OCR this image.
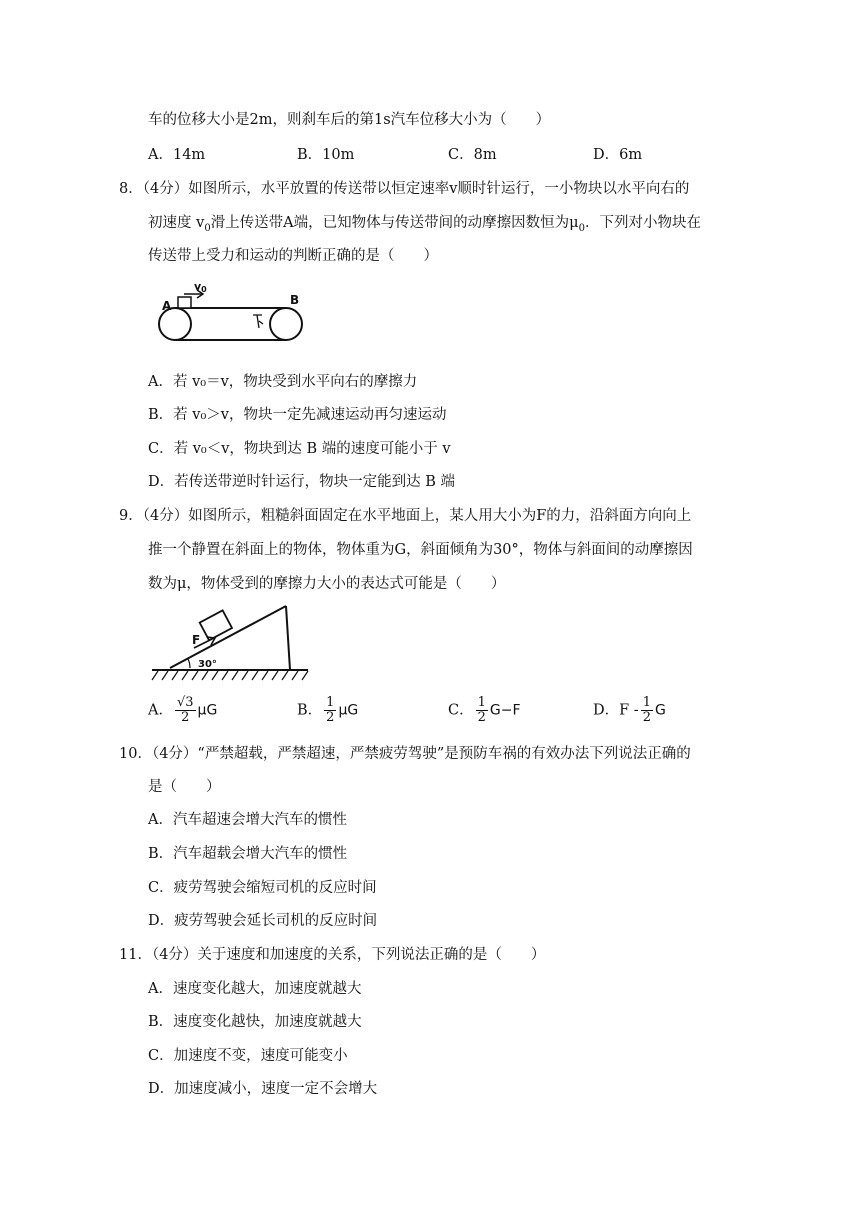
车的位移大小是2m，则刹车后的第1s汽车位移大小为（　　）
A．14m	B．10m	C．8m	D．6m
8．（4分）如图所示，水平放置的传送带以恒定速率v顺时针运行，一小物块以水平向右的
初速度 $v_0$滑上传送带A端，已知物体与传送带间的动摩擦因数恒为$\mu_0$．下列对小物块在
传送带上受力和运动的判断正确的是（　　）
v0
A	B
A．若 v₀＝v，物块受到水平向右的摩擦力
B．若 v₀＞v，物块一定先减速运动再匀速运动
C．若 v₀＜v，物块到达 B 端的速度可能小于 v
D．若传送带逆时针运行，物块一定能到达 B 端
9．（4分）如图所示，粗糙斜面固定在水平地面上，某人用大小为F的力，沿斜面方向向上
推一个静置在斜面上的物体，物体重为G，斜面倾角为30°，物体与斜面间的动摩擦因
数为μ，物体受到的摩擦力大小的表达式可能是（　　）
F
30°
A． $\frac{√3}{2}$ μG	B． $\frac{1}{2}$ μG	C． $\frac{1}{2} G-F$	D．F - $\frac{1}{2}$ G
10．（4分）“严禁超载，严禁超速，严禁疲劳驾驶”是预防车祸的有效办法下列说法正确的
是（　　）
A．汽车超速会增大汽车的惯性
B．汽车超载会增大汽车的惯性
C．疲劳驾驶会缩短司机的反应时间
D．疲劳驾驶会延长司机的反应时间
11．（4分）关于速度和加速度的关系，下列说法正确的是（　　）
A．速度变化越大，加速度就越大
B．速度变化越快，加速度就越大
C．加速度不变，速度可能变小
D．加速度减小，速度一定不会增大
